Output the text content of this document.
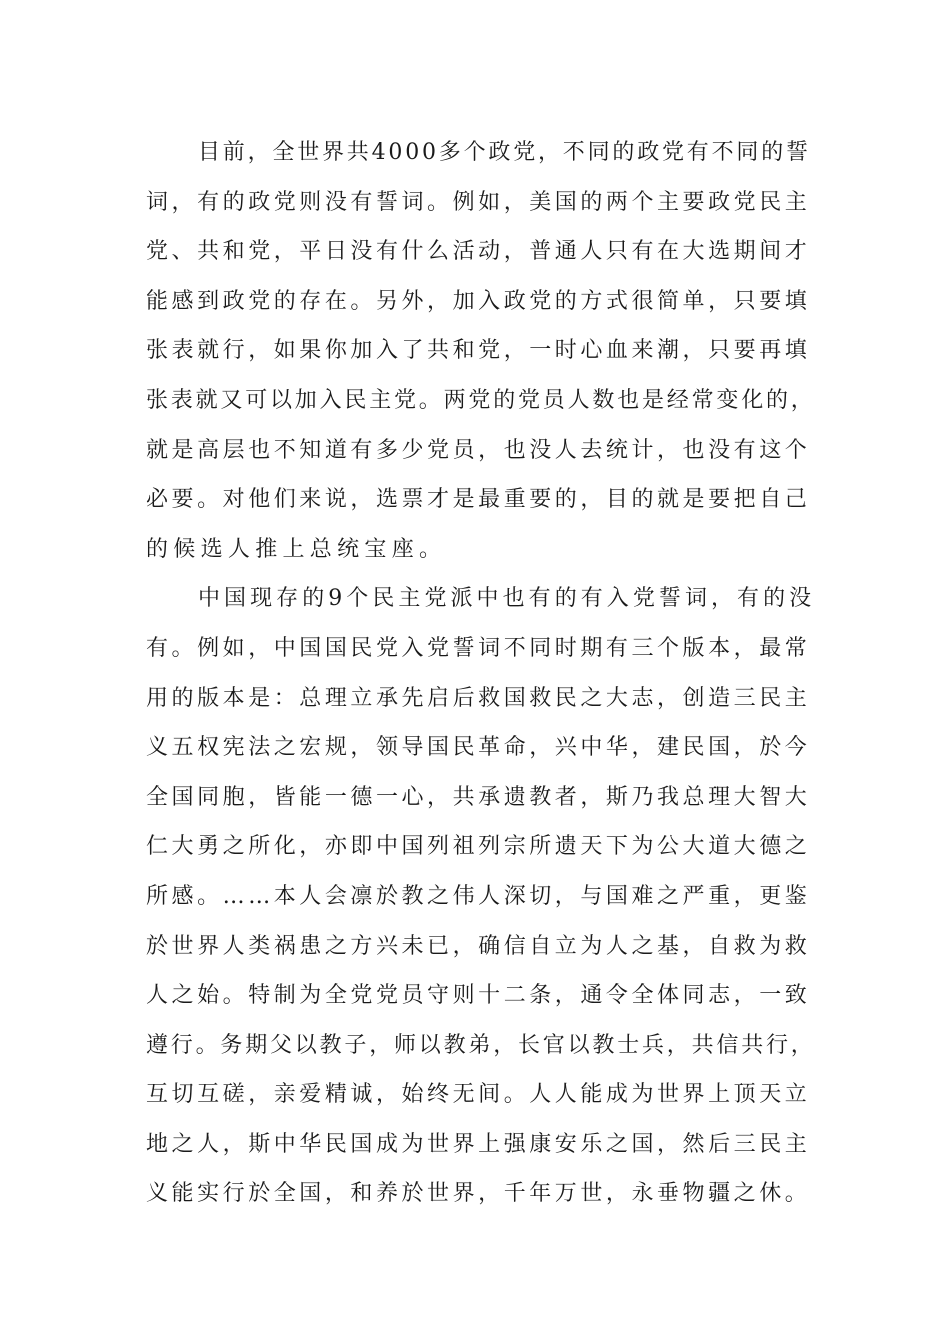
目前，全世界共4000多个政党，不同的政党有不同的誓
词，有的政党则没有誓词。例如，美国的两个主要政党民主
党、共和党，平日没有什么活动，普通人只有在大选期间才
能感到政党的存在。另外，加入政党的方式很简单，只要填
张表就行，如果你加入了共和党，一时心血来潮，只要再填
张表就又可以加入民主党。两党的党员人数也是经常变化的，
就是高层也不知道有多少党员，也没人去统计，也没有这个
必要。对他们来说，选票才是最重要的，目的就是要把自己
的候选人推上总统宝座。
中国现存的9个民主党派中也有的有入党誓词，有的没
有。例如，中国国民党入党誓词不同时期有三个版本，最常
用的版本是：总理立承先启后救国救民之大志，创造三民主
义五权宪法之宏规，领导国民革命，兴中华，建民国，於今
全国同胞，皆能一德一心，共承遗教者，斯乃我总理大智大
仁大勇之所化，亦即中国列祖列宗所遗天下为公大道大德之
所感。……本人会凛於教之伟人深切，与国难之严重，更鉴
於世界人类祸患之方兴未已，确信自立为人之基，自救为救
人之始。特制为全党党员守则十二条，通令全体同志，一致
遵行。务期父以教子，师以教弟，长官以教士兵，共信共行，
互切互磋，亲爱精诚，始终无间。人人能成为世界上顶天立
地之人，斯中华民国成为世界上强康安乐之国，然后三民主
义能实行於全国，和养於世界，千年万世，永垂物疆之休。
